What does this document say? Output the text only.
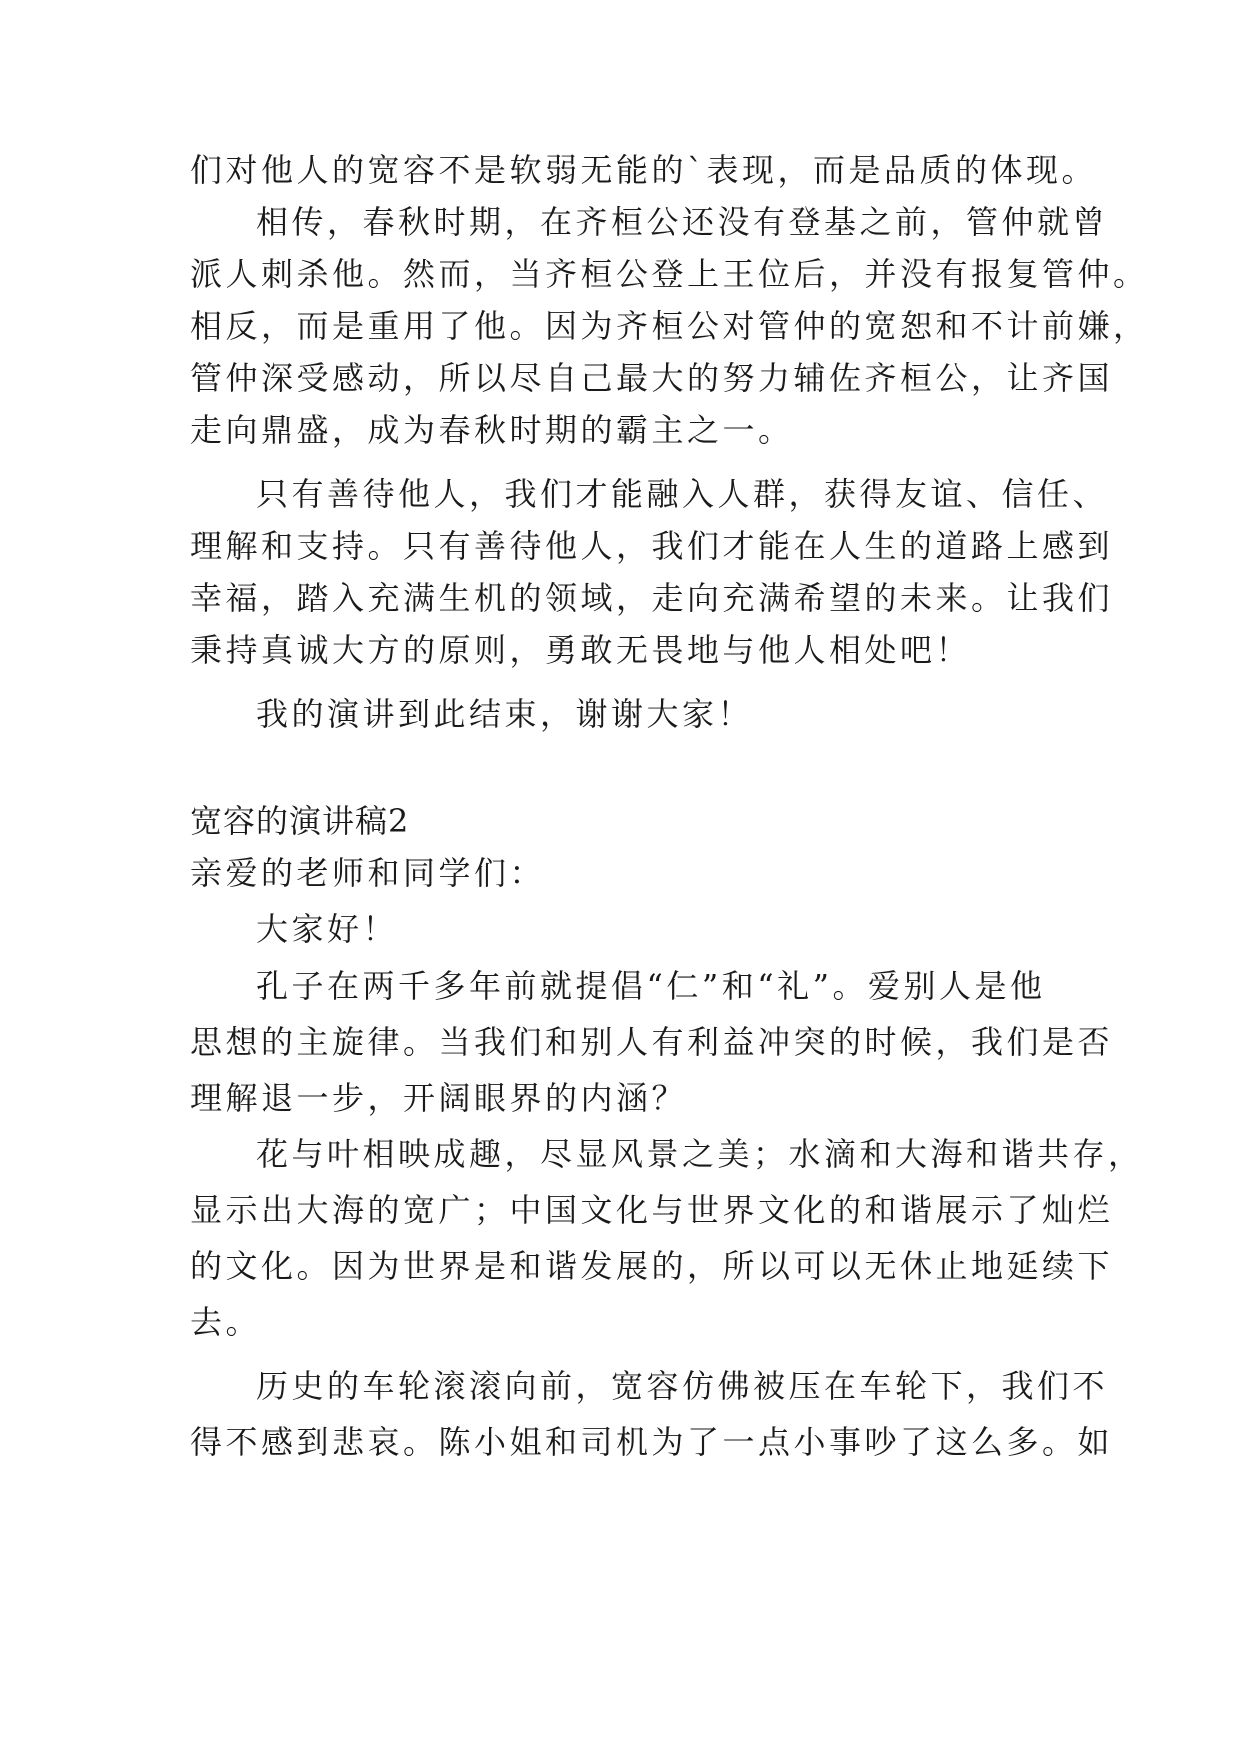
们对他人的宽容不是软弱无能的`表现，而是品质的体现。

相传，春秋时期，在齐桓公还没有登基之前，管仲就曾

派人刺杀他。然而，当齐桓公登上王位后，并没有报复管仲。

相反，而是重用了他。因为齐桓公对管仲的宽恕和不计前嫌，

管仲深受感动，所以尽自己最大的努力辅佐齐桓公，让齐国

走向鼎盛，成为春秋时期的霸主之一。

只有善待他人，我们才能融入人群，获得友谊、信任、

理解和支持。只有善待他人，我们才能在人生的道路上感到

幸福，踏入充满生机的领域，走向充满希望的未来。让我们

秉持真诚大方的原则，勇敢无畏地与他人相处吧！

我的演讲到此结束，谢谢大家！

宽容的演讲稿2

亲爱的老师和同学们：

大家好！

孔子在两千多年前就提倡“仁”和“礼”。爱别人是他

思想的主旋律。当我们和别人有利益冲突的时候，我们是否

理解退一步，开阔眼界的内涵？

花与叶相映成趣，尽显风景之美；水滴和大海和谐共存，

显示出大海的宽广；中国文化与世界文化的和谐展示了灿烂

的文化。因为世界是和谐发展的，所以可以无休止地延续下

去。

历史的车轮滚滚向前，宽容仿佛被压在车轮下，我们不

得不感到悲哀。陈小姐和司机为了一点小事吵了这么多。如
